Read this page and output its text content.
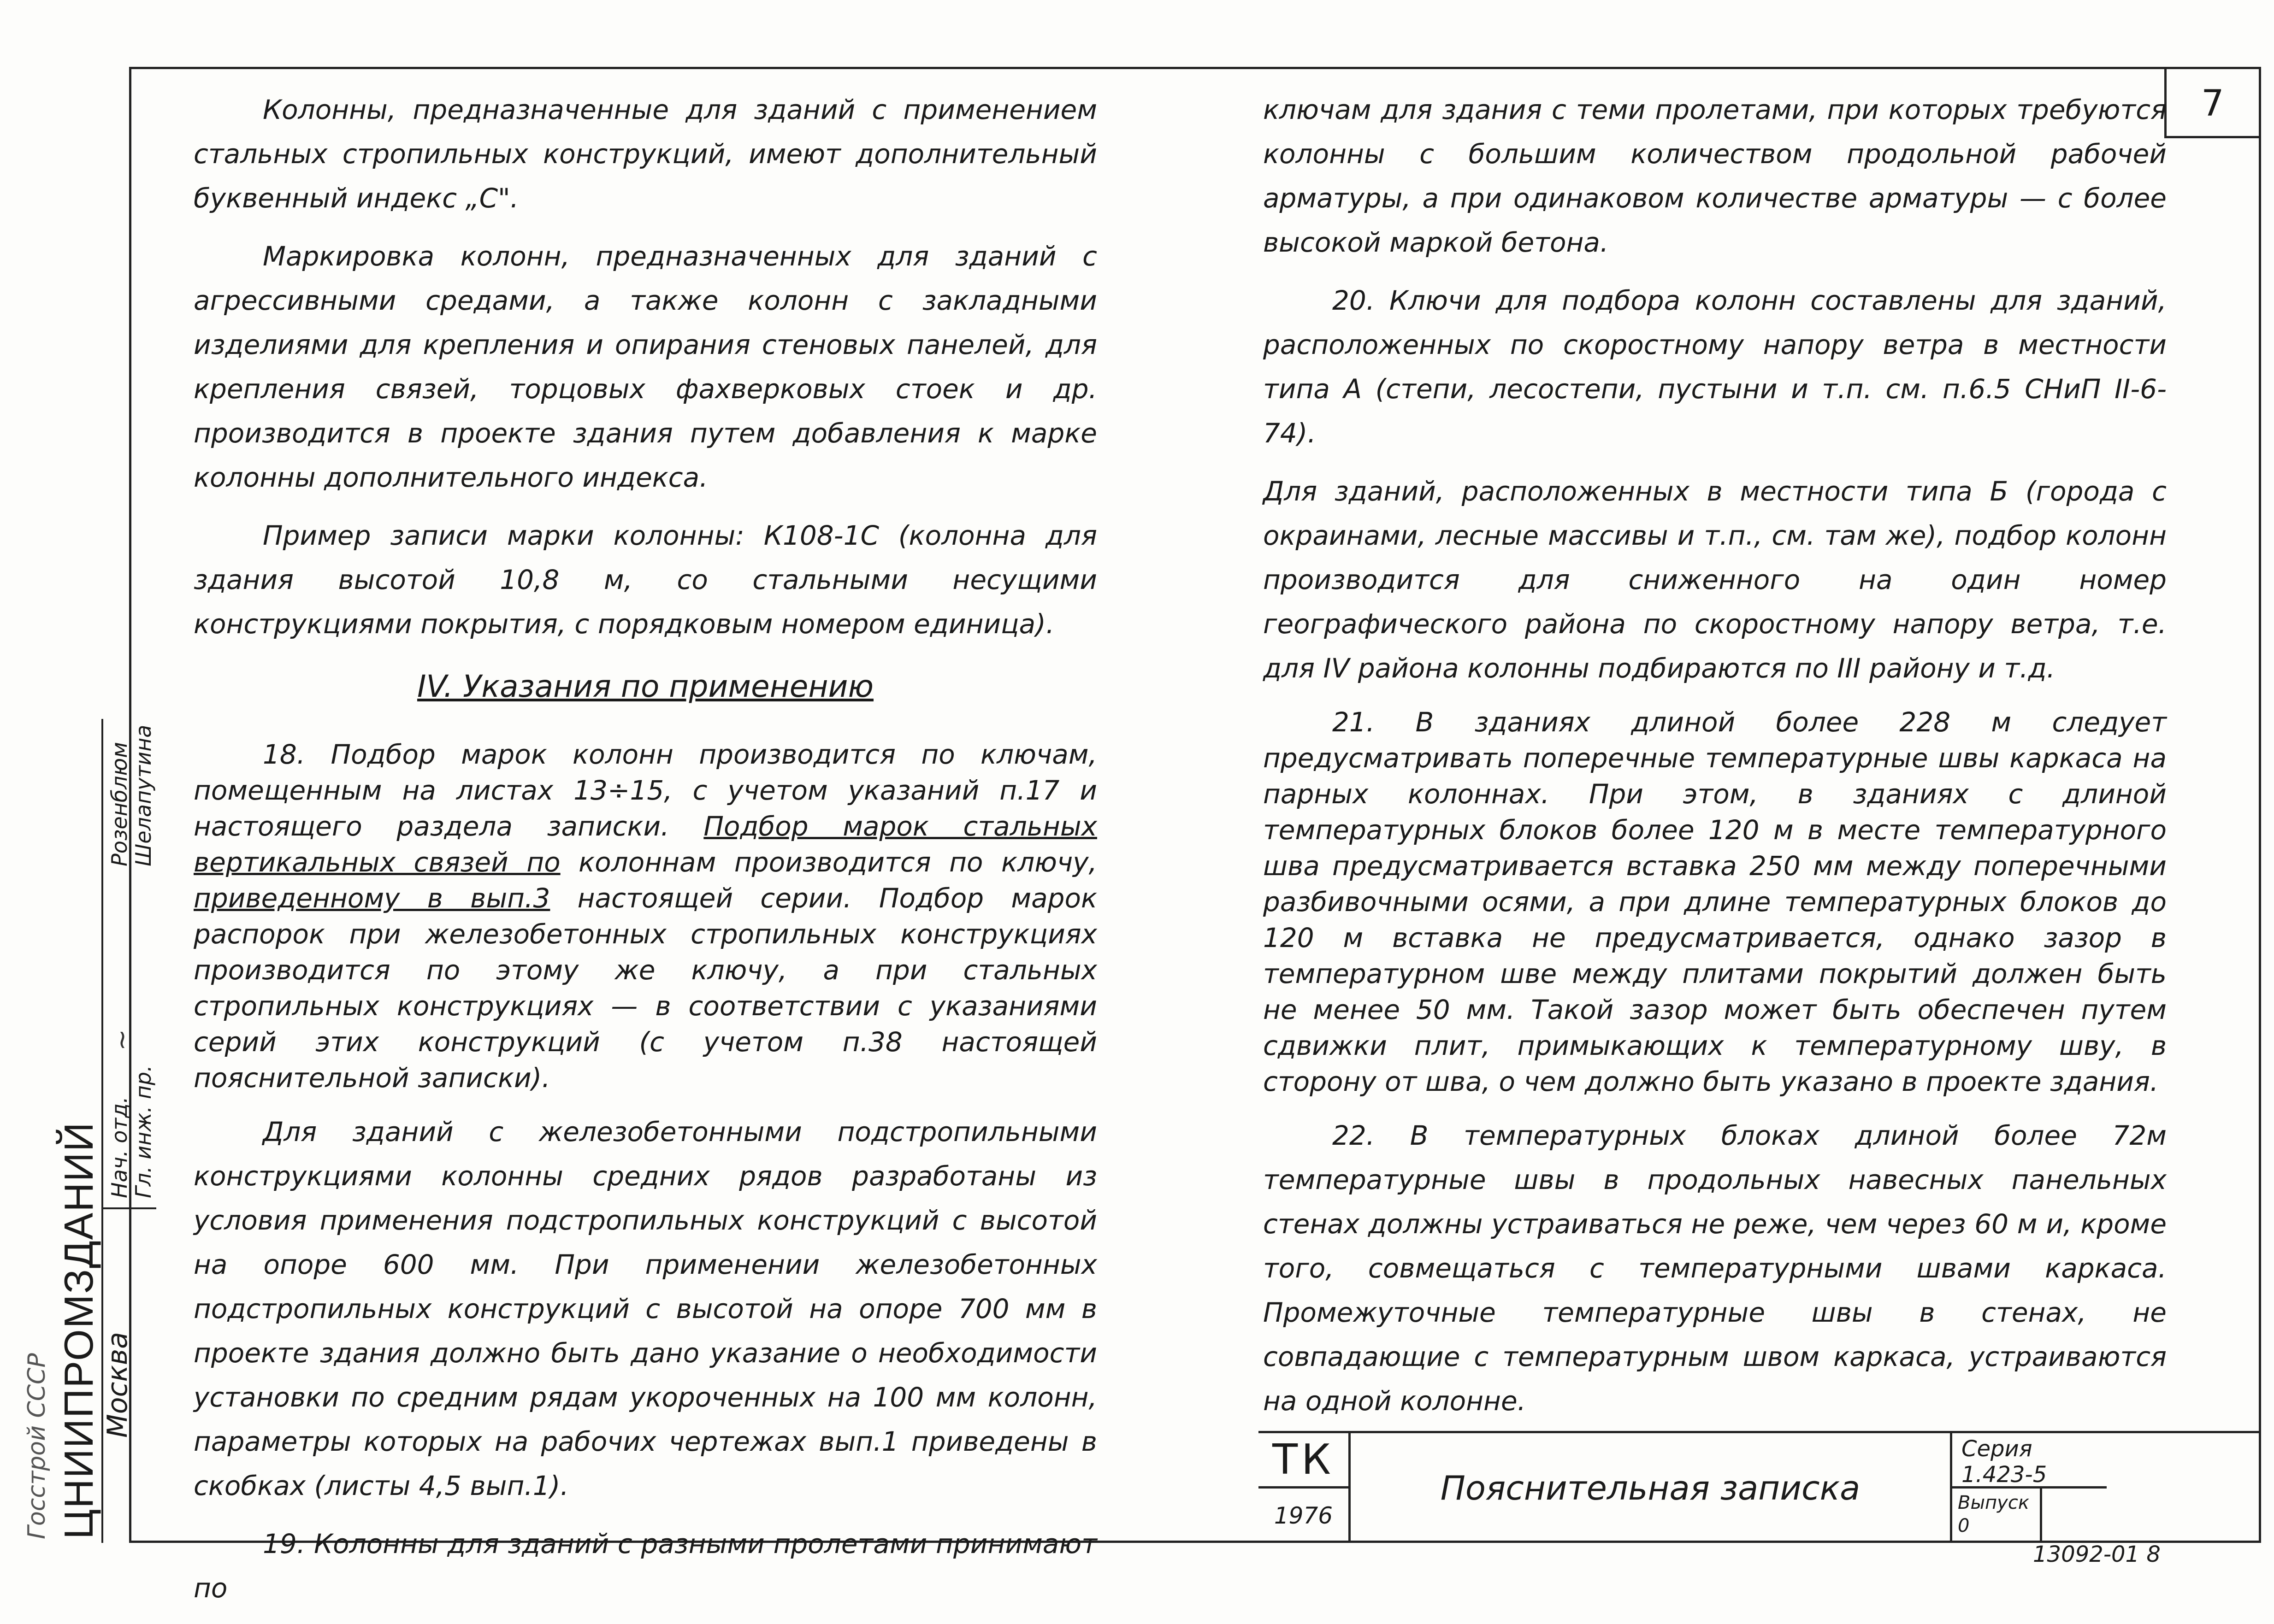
7

Колонны, предназначенные для зданий с применением стальных стропильных конструкций, имеют дополнительный буквенный индекс „С".

Маркировка колонн, предназначенных для зданий с агрессивными средами, а также колонн с закладными изделиями для крепления и опирания стеновых панелей, для крепления связей, торцовых фахверковых стоек и др. производится в проекте здания путем добавления к марке колонны дополнительного индекса.

Пример записи марки колонны: К108-1С (колонна для здания высотой 10,8 м, со стальными несущими конструкциями покрытия, с порядковым номером единица).

IV. Указания по применению

18. Подбор марок колонн производится по ключам, помещенным на листах 13÷15, с учетом указаний п.17 и настоящего раздела записки. Подбор марок стальных вертикальных связей по колоннам производится по ключу, приведенному в вып.3 настоящей серии. Подбор марок распорок при железобетонных стропильных конструкциях производится по этому же ключу, а при стальных стропильных конструкциях — в соответствии с указаниями серий этих конструкций (с учетом п.38 настоящей пояснительной записки).

Для зданий с железобетонными подстропильными конструкциями колонны средних рядов разработаны из условия применения подстропильных конструкций с высотой на опоре 600 мм. При применении железобетонных подстропильных конструкций с высотой на опоре 700 мм в проекте здания должно быть дано указание о необходимости установки по средним рядам укороченных на 100 мм колонн, параметры которых на рабочих чертежах вып.1 приведены в скобках (листы 4,5 вып.1).

19. Колонны для зданий с разными пролетами принимают по

ключам для здания с теми пролетами, при которых требуются колонны с большим количеством продольной рабочей арматуры, а при одинаковом количестве арматуры — с более высокой маркой бетона.

20. Ключи для подбора колонн составлены для зданий, расположенных по скоростному напору ветра в местности типа А (степи, лесостепи, пустыни и т.п. см. п.6.5 СНиП II-6-74).

Для зданий, расположенных в местности типа Б (города с окраинами, лесные массивы и т.п., см. там же), подбор колонн производится для сниженного на один номер географического района по скоростному напору ветра, т.е. для IV района колонны подбираются по III району и т.д.

21. В зданиях длиной более 228 м следует предусматривать поперечные температурные швы каркаса на парных колоннах. При этом, в зданиях с длиной температурных блоков более 120 м в месте температурного шва предусматривается вставка 250 мм между поперечными разбивочными осями, а при длине температурных блоков до 120 м вставка не предусматривается, однако зазор в температурном шве между плитами покрытий должен быть не менее 50 мм. Такой зазор может быть обеспечен путем сдвижки плит, примыкающих к температурному шву, в сторону от шва, о чем должно быть указано в проекте здания.

22. В температурных блоках длиной более 72м температурные швы в продольных навесных панельных стенах должны устраиваться не реже, чем через 60 м и, кроме того, совмещаться с температурными швами каркаса. Промежуточные температурные швы в стенах, не совпадающие с температурным швом каркаса, устраиваются на одной колонне.

ТК
1976
Пояснительная записка
Серия
1.423-5
Выпуск
0
13092-01 8
Госстрой СССР ЦНИИПРОМЗДАНИЙ Москва
Нач. отд.
Гл. инж. пр.
~
Розенблюм
Шелапутина
